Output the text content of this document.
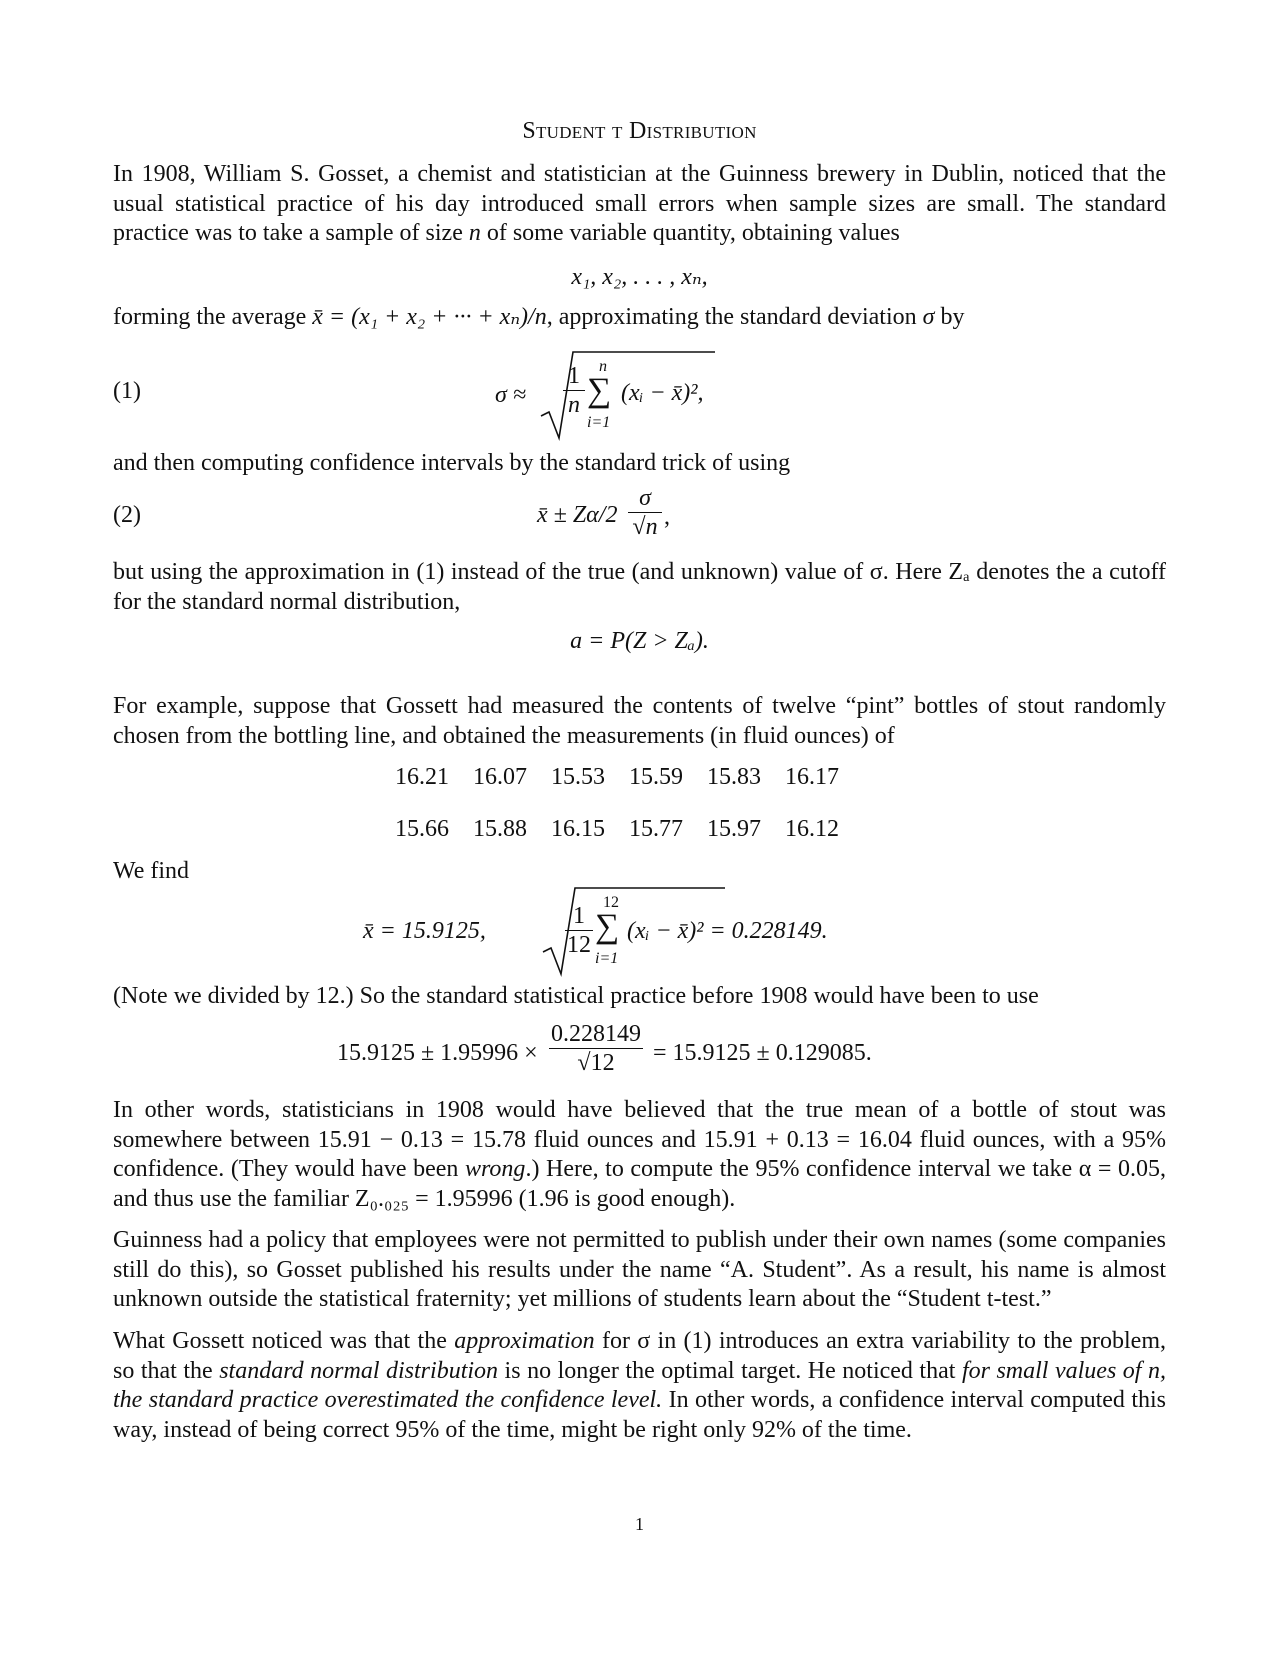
Student t Distribution

In 1908, William S. Gosset, a chemist and statistician at the Guinness brewery in Dublin, noticed that the usual statistical practice of his day introduced small errors when sample sizes are small. The standard practice was to take a sample of size n of some variable quantity, obtaining values

x₁, x₂, . . . , xₙ,

forming the average x̄ = (x₁ + x₂ + ··· + xₙ)/n, approximating the standard deviation σ by

(1)	$\sigma \approx \frac{1}{n}$ n
∑
i=1
(xᵢ − x̄)²,

and then computing confidence intervals by the standard trick of using

(2)	x̄ ± $Z\alpha/2 \frac{\sigma}{√n}$ ,

but using the approximation in (1) instead of the true (and unknown) value of σ. Here Zₐ denotes the a cutoff for the standard normal distribution,

a = P(Z > Zₐ).

For example, suppose that Gossett had measured the contents of twelve “pint” bottles of stout randomly chosen from the bottling line, and obtained the measurements (in fluid ounces) of

16.21 16.07 15.53 15.59 15.83 16.17
15.66 15.88 16.15 15.77 15.97 16.12

We find

x̄ = 15.9125,	$\frac{1}{12} 12$
∑
i=1
(xᵢ − x̄)² = 0.228149.

(Note we divided by 12.) So the standard statistical practice before 1908 would have been to use

$15.9125 \pm 1.95996 \times \frac{0.228149}{√12} = 15.9125 \pm 0.129085$.

In other words, statisticians in 1908 would have believed that the true mean of a bottle of stout was somewhere between 15.91 − 0.13 = 15.78 fluid ounces and 15.91 + 0.13 = 16.04 fluid ounces, with a 95% confidence. (They would have been wrong.) Here, to compute the 95% confidence interval we take α = 0.05, and thus use the familiar Z₀.₀₂₅ = 1.95996 (1.96 is good enough).

Guinness had a policy that employees were not permitted to publish under their own names (some companies still do this), so Gosset published his results under the name “A. Student”. As a result, his name is almost unknown outside the statistical fraternity; yet millions of students learn about the “Student t-test.”

What Gossett noticed was that the approximation for σ in (1) introduces an extra variability to the problem, so that the standard normal distribution is no longer the optimal target. He noticed that for small values of n, the standard practice overestimated the confidence level. In other words, a confidence interval computed this way, instead of being correct 95% of the time, might be right only 92% of the time.

1
